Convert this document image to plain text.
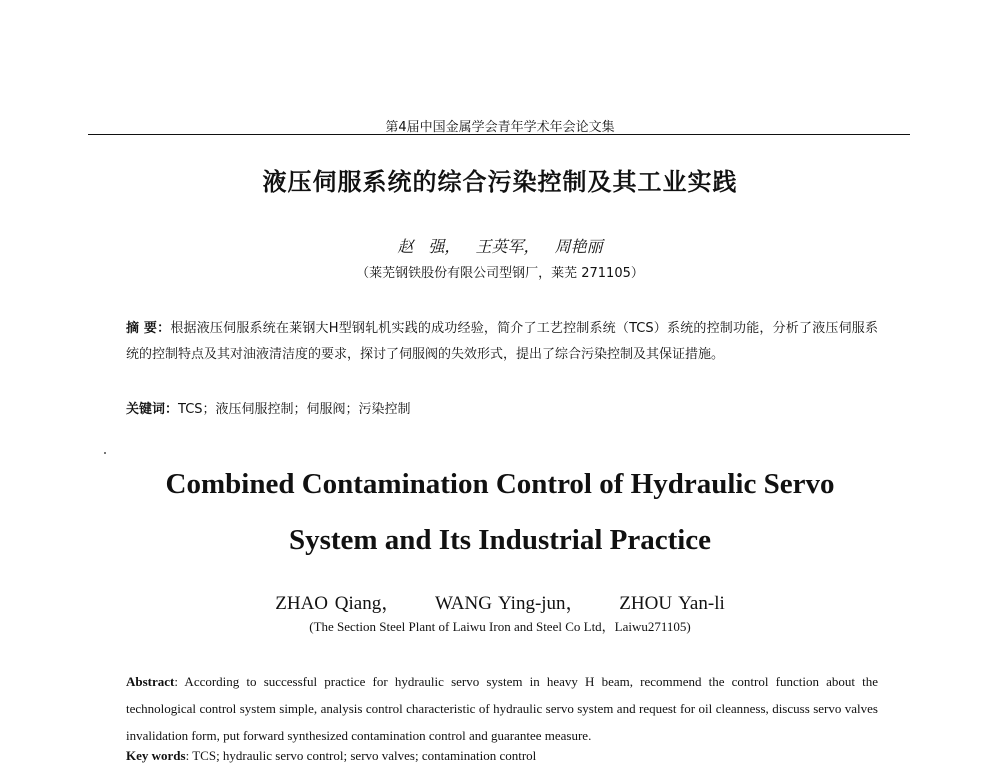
第4届中国金属学会青年学术年会论文集
液压伺服系统的综合污染控制及其工业实践
赵 强， 王英军， 周艳丽
（莱芜钢铁股份有限公司型钢厂，莱芜 271105）
摘 要：根据液压伺服系统在莱钢大H型钢轧机实践的成功经验，简介了工艺控制系统（TCS）系统的控制功能，分析了液压伺服系统的控制特点及其对油液清洁度的要求，探讨了伺服阀的失效形式，提出了综合污染控制及其保证措施。
关键词：TCS；液压伺服控制；伺服阀；污染控制
Combined Contamination Control of Hydraulic Servo
System and Its Industrial Practice
ZHAO Qiang， WANG Ying-jun， ZHOU Yan-li
(The Section Steel Plant of Laiwu Iron and Steel Co Ltd，Laiwu271105)
Abstract: According to successful practice for hydraulic servo system in heavy H beam, recommend the control function about the technological control system simple, analysis control characteristic of hydraulic servo system and request for oil cleanness, discuss servo valves invalidation form, put forward synthesized contamination control and guarantee measure.
Key words: TCS; hydraulic servo control; servo valves; contamination control
